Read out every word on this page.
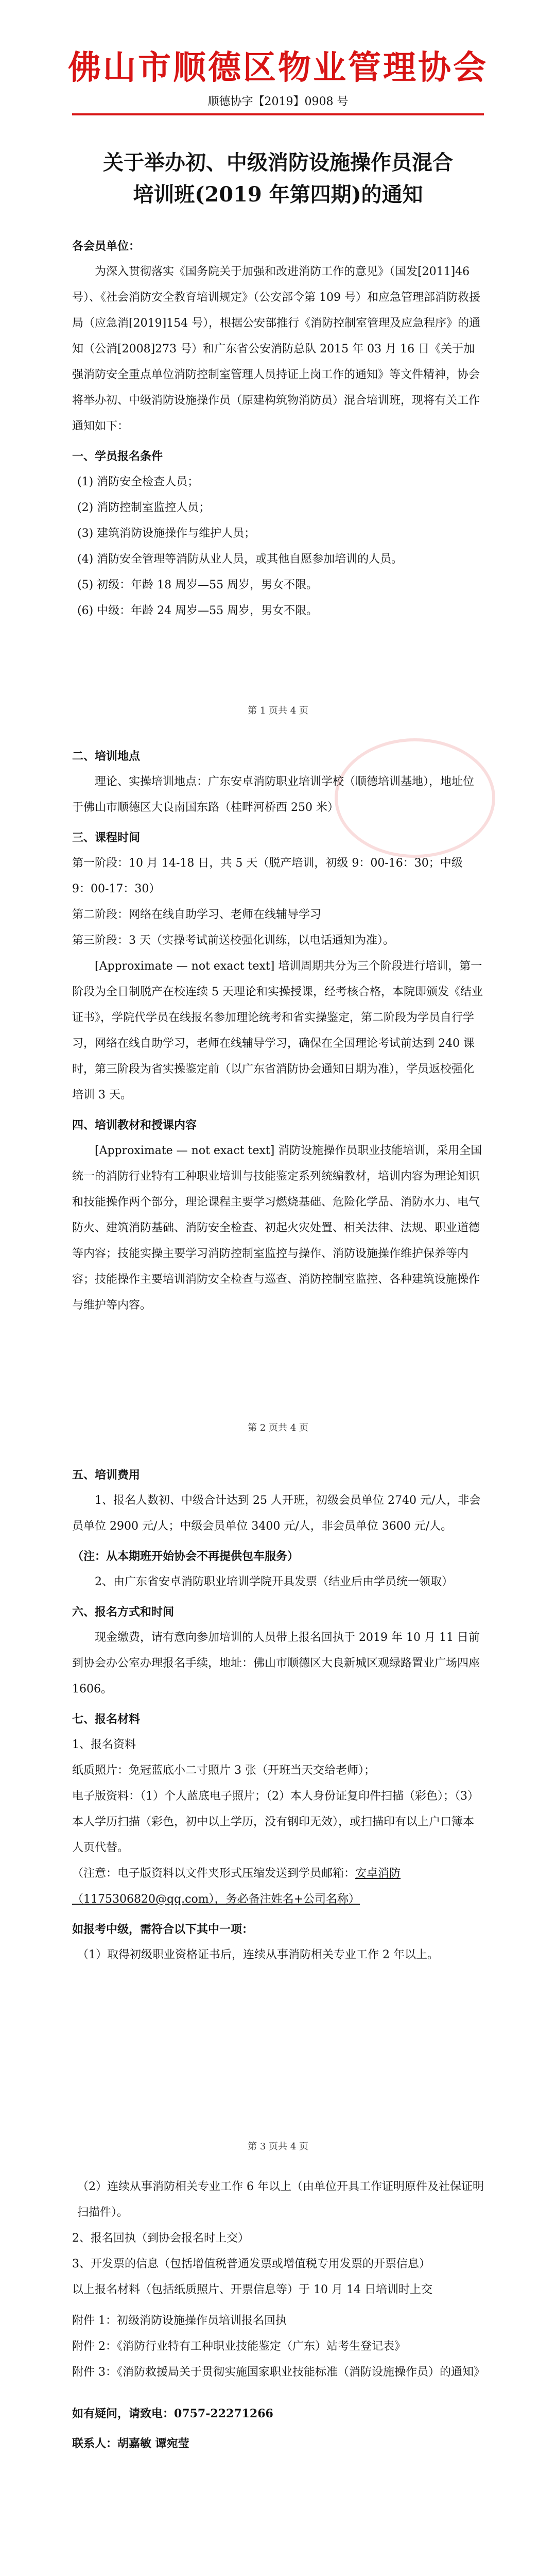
佛山市顺德区物业管理协会
顺德协字【2019】0908 号
关于举办初、中级消防设施操作员混合
培训班(2019 年第四期)的通知

各会员单位：

为深入贯彻落实《国务院关于加强和改进消防工作的意见》（国发[2011]46 号）、《社会消防安全教育培训规定》（公安部令第 109 号）和应急管理部消防救援局（应急消[2019]154 号），根据公安部推行《消防控制室管理及应急程序》的通知（公消[2008]273 号）和广东省公安消防总队 2015 年 03 月 16 日《关于加强消防安全重点单位消防控制室管理人员持证上岗工作的通知》等文件精神，协会将举办初、中级消防设施操作员（原建构筑物消防员）混合培训班，现将有关工作通知如下：

一、学员报名条件

(1) 消防安全检查人员；

(2) 消防控制室监控人员；

(3) 建筑消防设施操作与维护人员；

(4) 消防安全管理等消防从业人员，或其他自愿参加培训的人员。

(5) 初级：年龄 18 周岁—55 周岁，男女不限。

(6) 中级：年龄 24 周岁—55 周岁，男女不限。

第 1 页共 4 页

二、培训地点

理论、实操培训地点：广东安卓消防职业培训学校（顺德培训基地），地址位于佛山市顺德区大良南国东路（桂畔河桥西 250 米）

三、课程时间

第一阶段：10 月 14-18 日，共 5 天（脱产培训，初级 9：00-16：30；中级 9：00-17：30）

第二阶段：网络在线自助学习、老师在线辅导学习

第三阶段：3 天（实操考试前送校强化训练，以电话通知为准）。

[Approximate — not exact text] 培训周期共分为三个阶段进行培训，第一阶段为全日制脱产在校连续 5 天理论和实操授课，经考核合格，本院即颁发《结业证书》，学院代学员在线报名参加理论统考和省实操鉴定，第二阶段为学员自行学习，网络在线自助学习，老师在线辅导学习，确保在全国理论考试前达到 240 课时，第三阶段为省实操鉴定前（以广东省消防协会通知日期为准），学员返校强化培训 3 天。

四、培训教材和授课内容

[Approximate — not exact text] 消防设施操作员职业技能培训，采用全国统一的消防行业特有工种职业培训与技能鉴定系列统编教材，培训内容为理论知识和技能操作两个部分，理论课程主要学习燃烧基础、危险化学品、消防水力、电气防火、建筑消防基础、消防安全检查、初起火灾处置、相关法律、法规、职业道德等内容；技能实操主要学习消防控制室监控与操作、消防设施操作维护保养等内容；技能操作主要培训消防安全检查与巡查、消防控制室监控、各种建筑设施操作与维护等内容。

第 2 页共 4 页

五、培训费用

1、报名人数初、中级合计达到 25 人开班，初级会员单位 2740 元/人，非会员单位 2900 元/人；中级会员单位 3400 元/人，非会员单位 3600 元/人。

（注：从本期班开始协会不再提供包车服务）

2、由广东省安卓消防职业培训学院开具发票（结业后由学员统一领取）

六、报名方式和时间

现金缴费，请有意向参加培训的人员带上报名回执于 2019 年 10 月 11 日前到协会办公室办理报名手续，地址：佛山市顺德区大良新城区观绿路置业广场四座 1606。

七、报名材料

1、报名资料

纸质照片：免冠蓝底小二寸照片 3 张（开班当天交给老师）；

电子版资料：（1）个人蓝底电子照片；（2）本人身份证复印件扫描（彩色）；（3）本人学历扫描（彩色，初中以上学历，没有钢印无效），或扫描印有以上户口簿本人页代替。

（注意：电子版资料以文件夹形式压缩发送到学员邮箱：安卓消防（1175306820@qq.com），务必备注姓名+公司名称）

如报考中级，需符合以下其中一项：

（1）取得初级职业资格证书后，连续从事消防相关专业工作 2 年以上。

第 3 页共 4 页

（2）连续从事消防相关专业工作 6 年以上（由单位开具工作证明原件及社保证明扫描件）。

2、报名回执（到协会报名时上交）

3、开发票的信息（包括增值税普通发票或增值税专用发票的开票信息）

以上报名材料（包括纸质照片、开票信息等）于 10 月 14 日培训时上交

附件 1：初级消防设施操作员培训报名回执

附件 2：《消防行业特有工种职业技能鉴定（广东）站考生登记表》

附件 3：《消防救援局关于贯彻实施国家职业技能标准（消防设施操作员）的通知》

如有疑问，请致电：0757-22271266

联系人：胡嘉敏 谭宛莹
